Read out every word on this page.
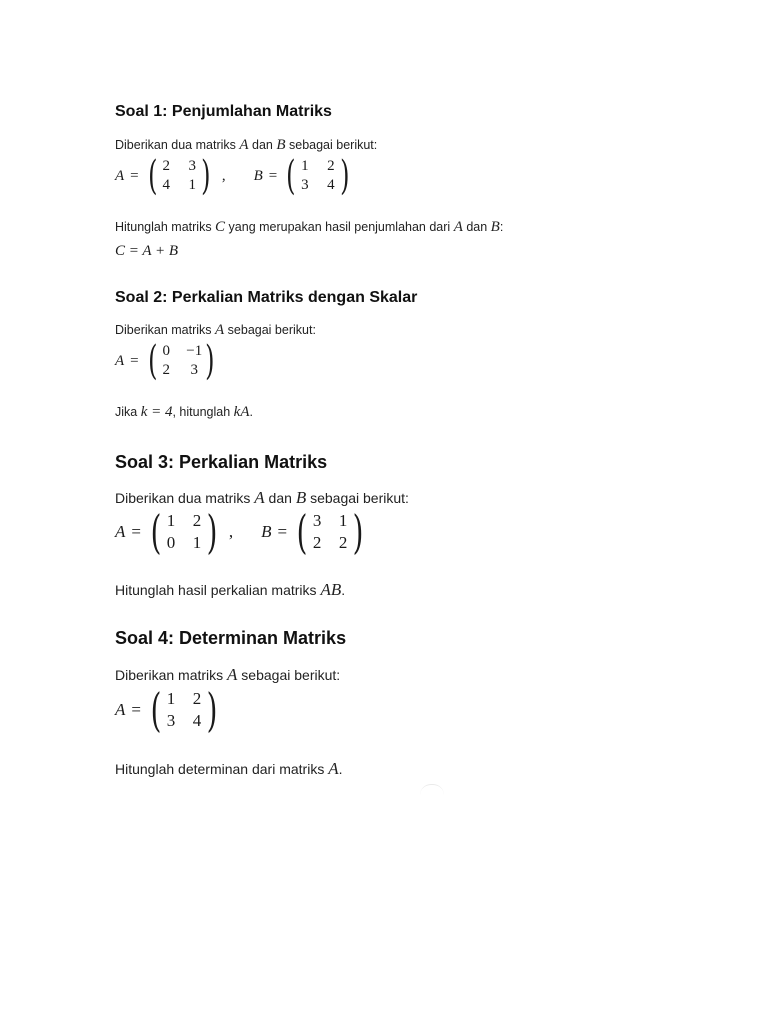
Soal 1: Penjumlahan Matriks
Diberikan dua matriks A dan B sebagai berikut:
A = ( 2 3
4 1 ) , B = ( 1 2
3 4 )
Hitunglah matriks C yang merupakan hasil penjumlahan dari A dan B:
C = A + B
Soal 2: Perkalian Matriks dengan Skalar
Diberikan matriks A sebagai berikut:
A = ( 0 −1
2 3 )
Jika k = 4, hitunglah kA.
Soal 3: Perkalian Matriks
Diberikan dua matriks A dan B sebagai berikut:
A = ( 1 2
0 1 ) , B = ( 3 1
2 2 )
Hitunglah hasil perkalian matriks AB.
Soal 4: Determinan Matriks
Diberikan matriks A sebagai berikut:
A = ( 1 2
3 4 )
Hitunglah determinan dari matriks A.
